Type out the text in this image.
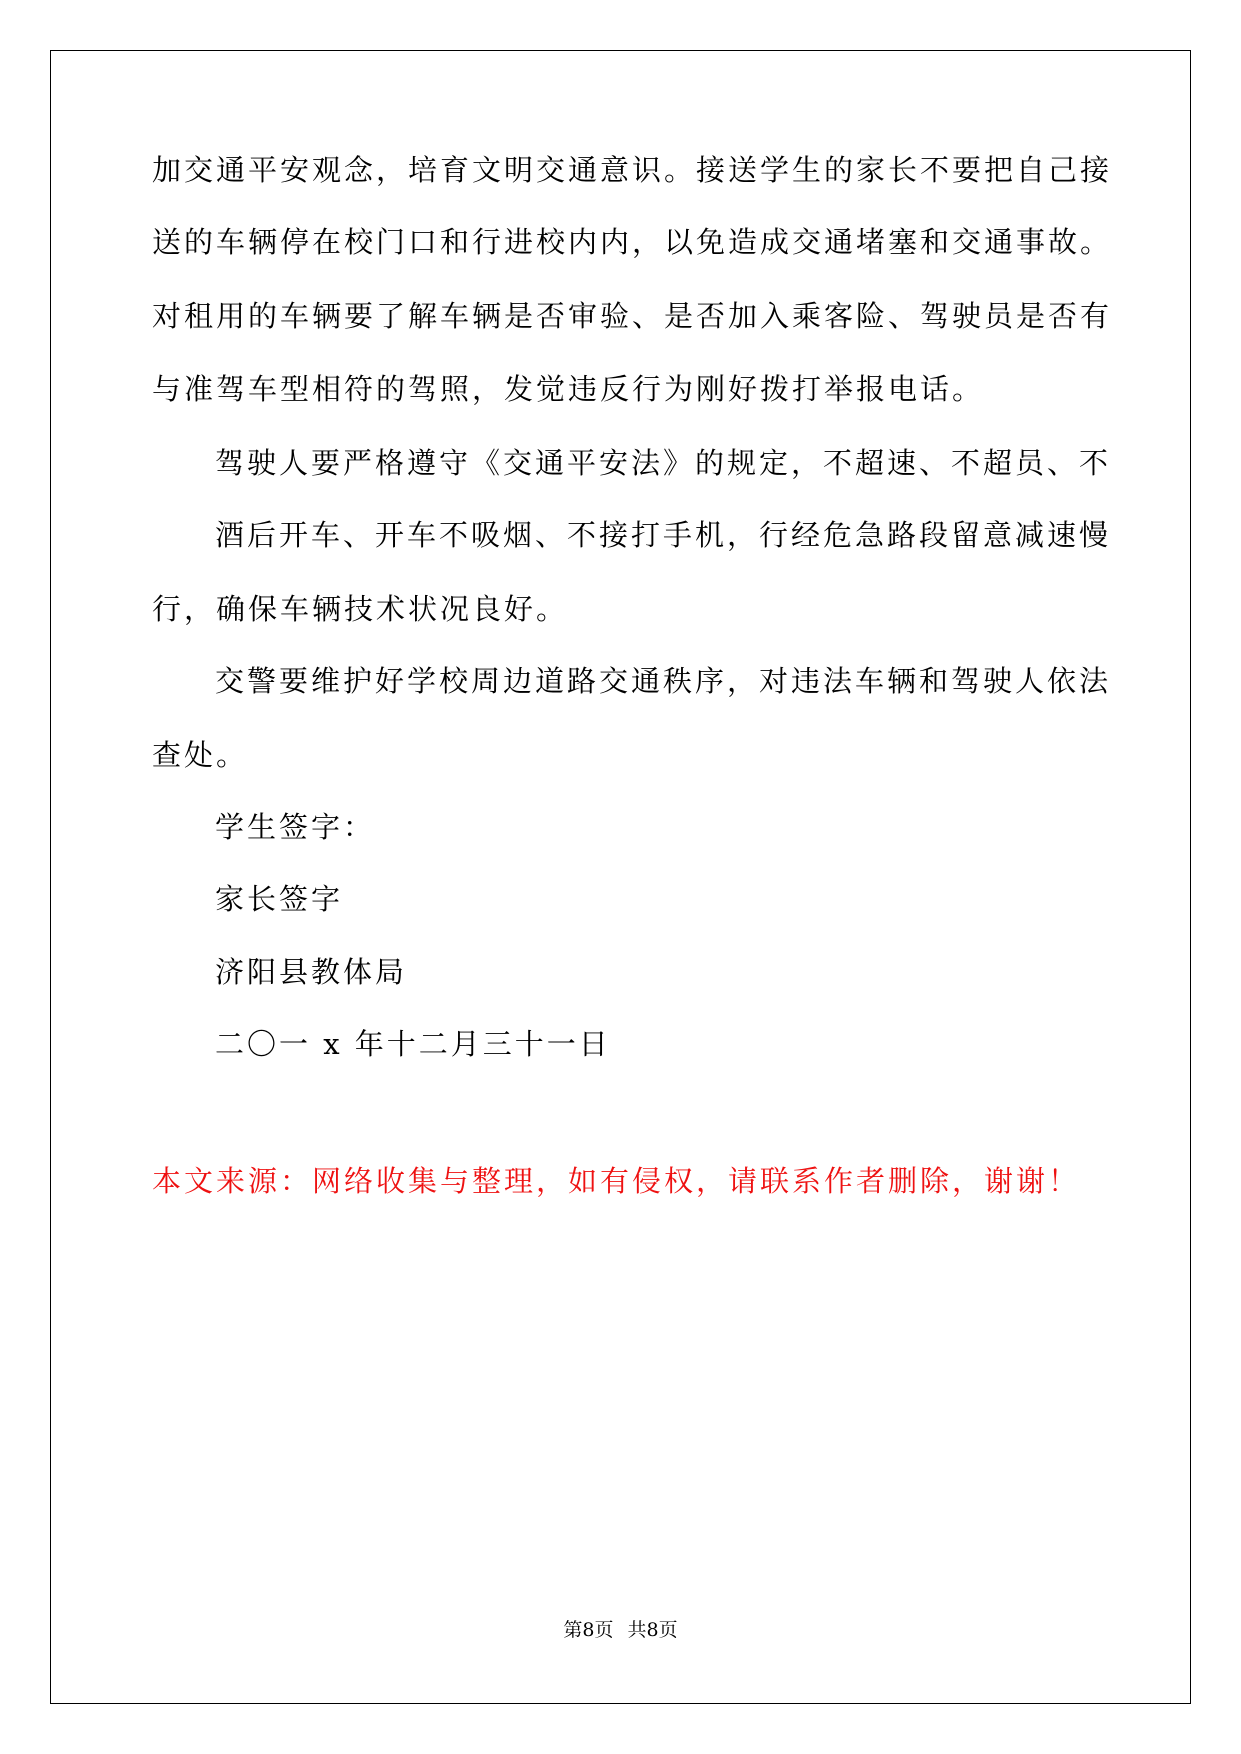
加交通平安观念，培育文明交通意识。接送学生的家长不要把自己接
送的车辆停在校门口和行进校内内，以免造成交通堵塞和交通事故。
对租用的车辆要了解车辆是否审验、是否加入乘客险、驾驶员是否有
与准驾车型相符的驾照，发觉违反行为刚好拨打举报电话。
驾驶人要严格遵守《交通平安法》的规定，不超速、不超员、不
酒后开车、开车不吸烟、不接打手机，行经危急路段留意减速慢
行，确保车辆技术状况良好。
交警要维护好学校周边道路交通秩序，对违法车辆和驾驶人依法
查处。
学生签字：
家长签字
济阳县教体局
二〇一 x 年十二月三十一日
本文来源：网络收集与整理，如有侵权，请联系作者删除，谢谢！
第8页 共8页
